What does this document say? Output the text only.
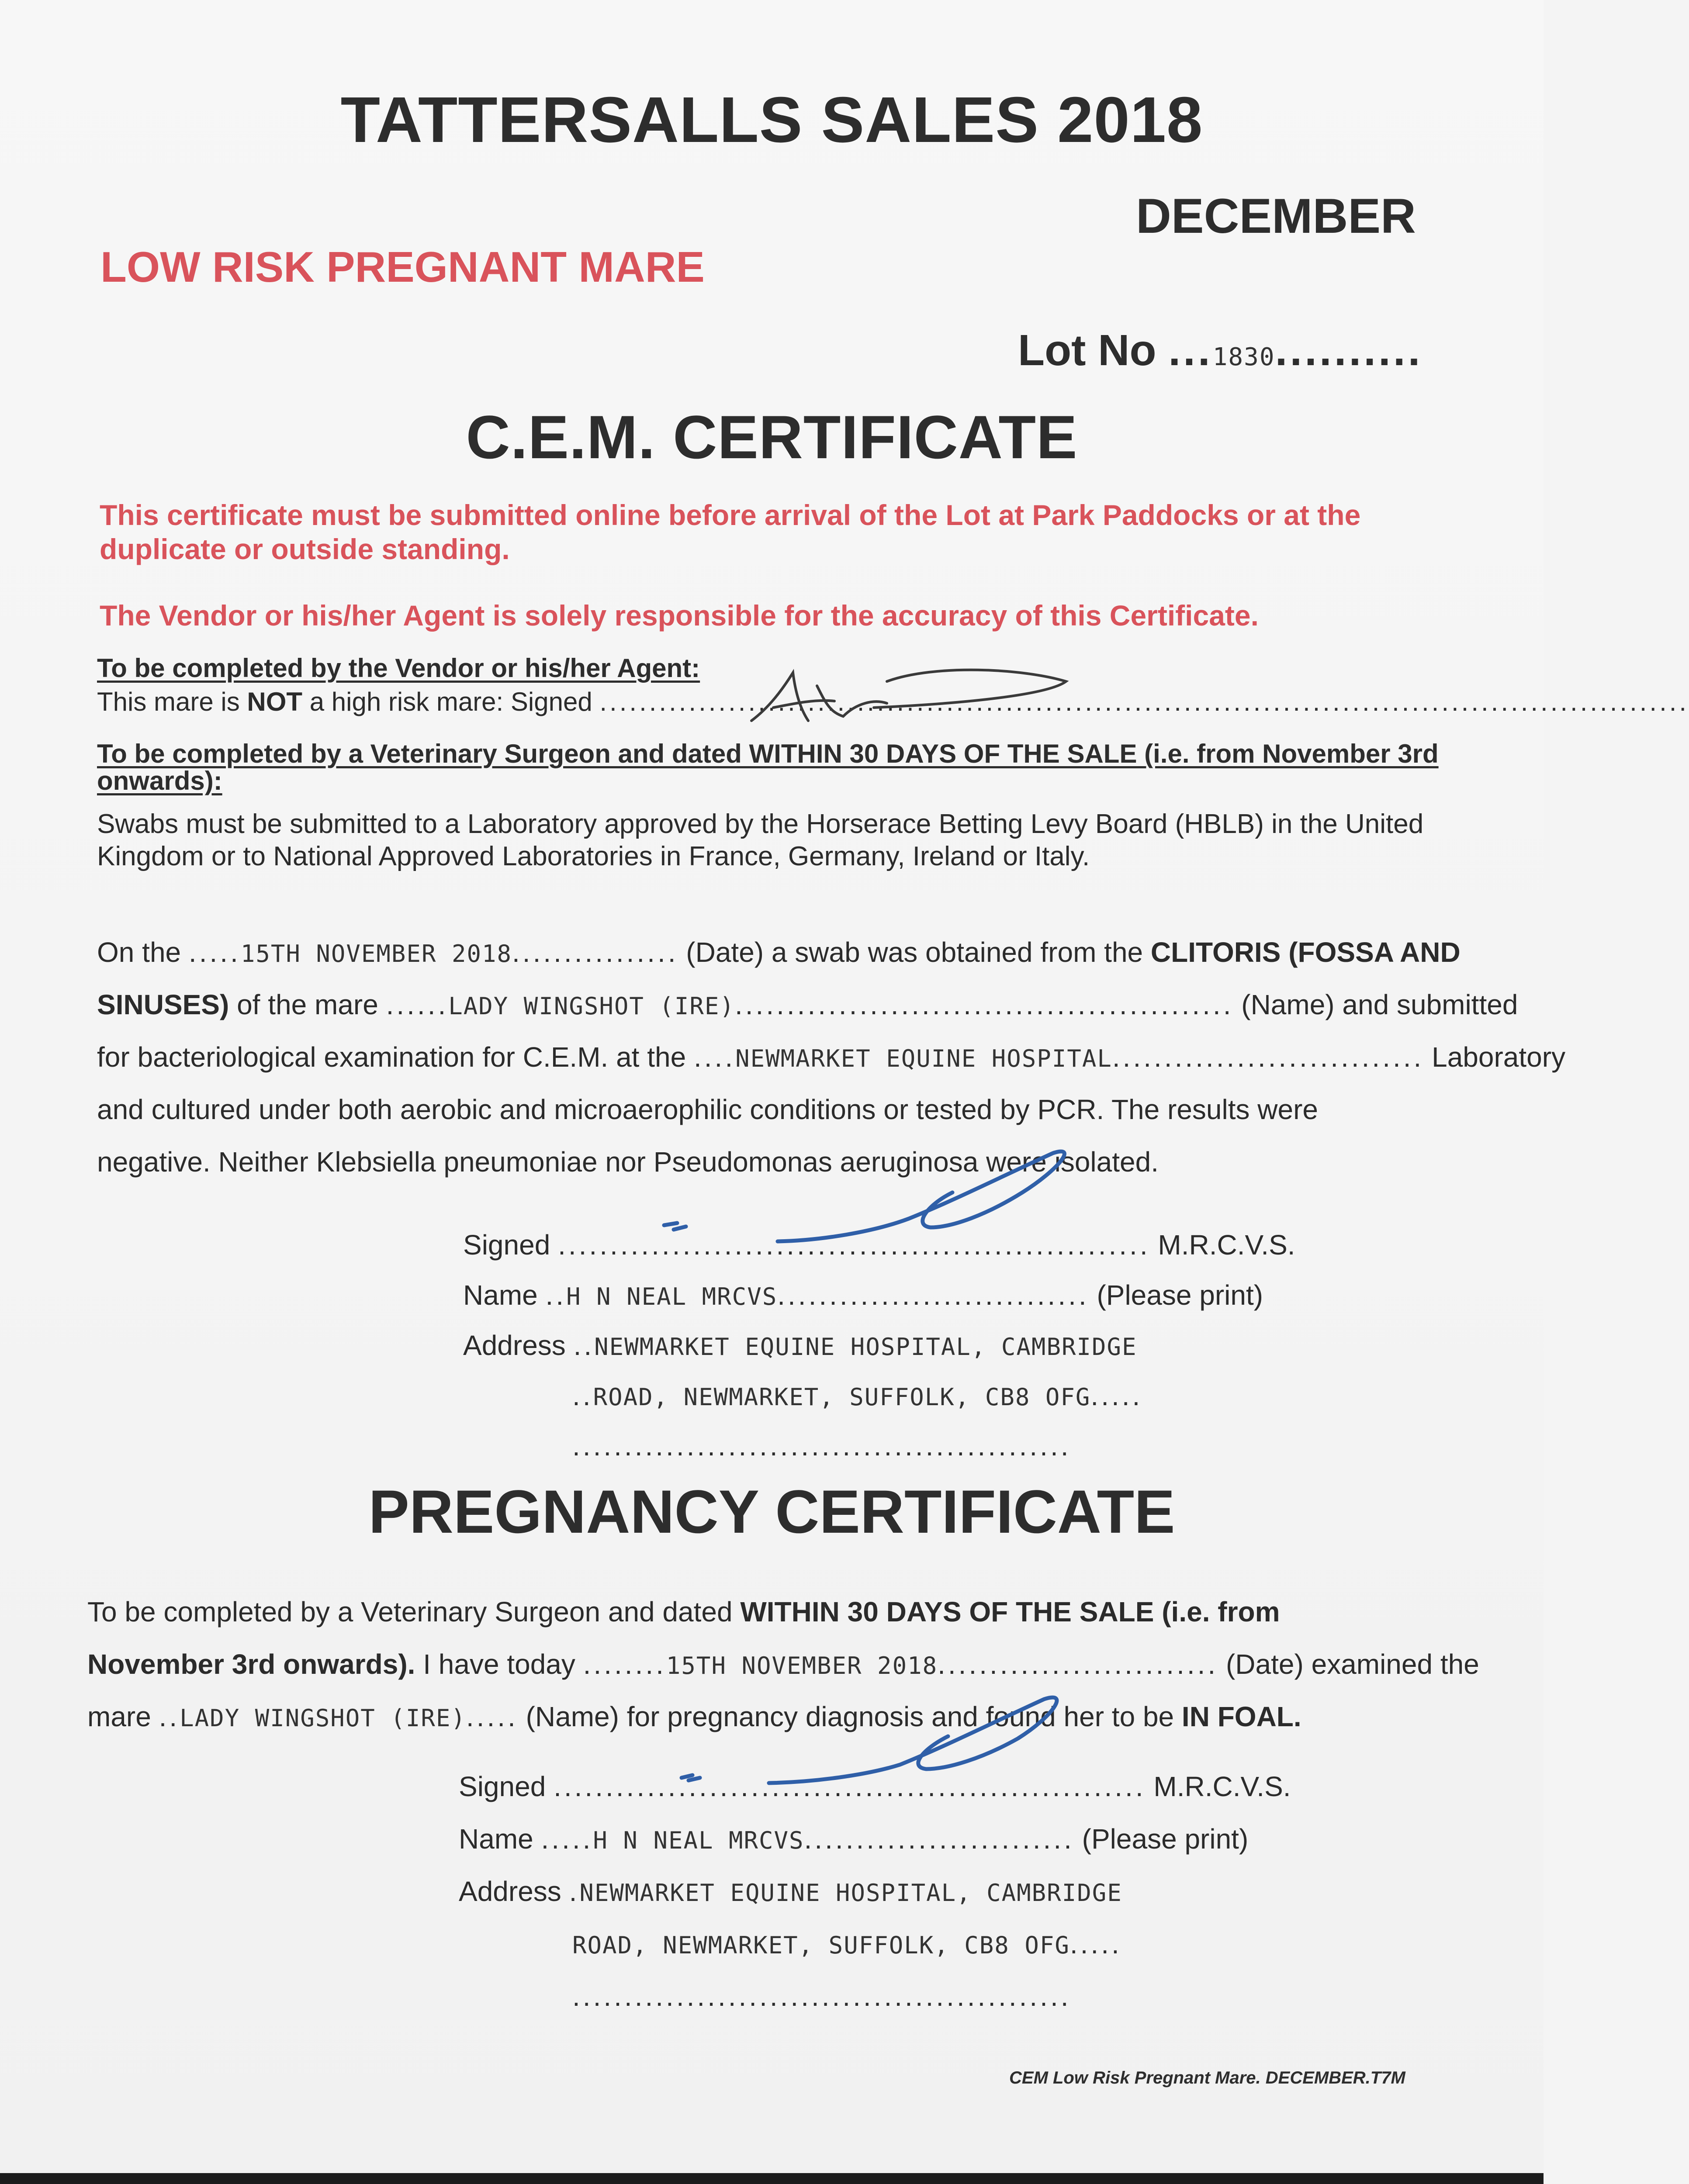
TATTERSALLS SALES 2018
DECEMBER
LOW RISK PREGNANT MARE
Lot No ...1830..........
C.E.M. CERTIFICATE
This certificate must be submitted online before arrival of the Lot at Park Paddocks or at the duplicate or outside standing.
The Vendor or his/her Agent is solely responsible for the accuracy of this Certificate.
To be completed by the Vendor or his/her Agent:
This mare is NOT a high risk mare: Signed ..............................................................................................................
To be completed by a Veterinary Surgeon and dated WITHIN 30 DAYS OF THE SALE (i.e. from November 3rd onwards):
Swabs must be submitted to a Laboratory approved by the Horserace Betting Levy Board (HBLB) in the United Kingdom or to National Approved Laboratories in France, Germany, Ireland or Italy.
On the .....15TH NOVEMBER 2018................ (Date) a swab was obtained from the CLITORIS (FOSSA AND
SINUSES) of the mare ......LADY WINGSHOT (IRE)................................................ (Name) and submitted
for bacteriological examination for C.E.M. at the ....NEWMARKET EQUINE HOSPITAL.............................. Laboratory
and cultured under both aerobic and microaerophilic conditions or tested by PCR. The results were
negative. Neither Klebsiella pneumoniae nor Pseudomonas aeruginosa were isolated.
Signed ......................................................... M.R.C.V.S.
Name ..H N NEAL MRCVS.............................. (Please print)
Address ..NEWMARKET EQUINE HOSPITAL, CAMBRIDGE
..ROAD, NEWMARKET, SUFFOLK, CB8 OFG.....
................................................
PREGNANCY CERTIFICATE
To be completed by a Veterinary Surgeon and dated WITHIN 30 DAYS OF THE SALE (i.e. from
November 3rd onwards). I have today ........15TH NOVEMBER 2018........................... (Date) examined the
mare ..LADY WINGSHOT (IRE)..... (Name) for pregnancy diagnosis and found her to be IN FOAL.
Signed ......................................................... M.R.C.V.S.
Name .....H N NEAL MRCVS.......................... (Please print)
Address .NEWMARKET EQUINE HOSPITAL, CAMBRIDGE
ROAD, NEWMARKET, SUFFOLK, CB8 OFG.....
................................................
CEM Low Risk Pregnant Mare. DECEMBER.T7M
